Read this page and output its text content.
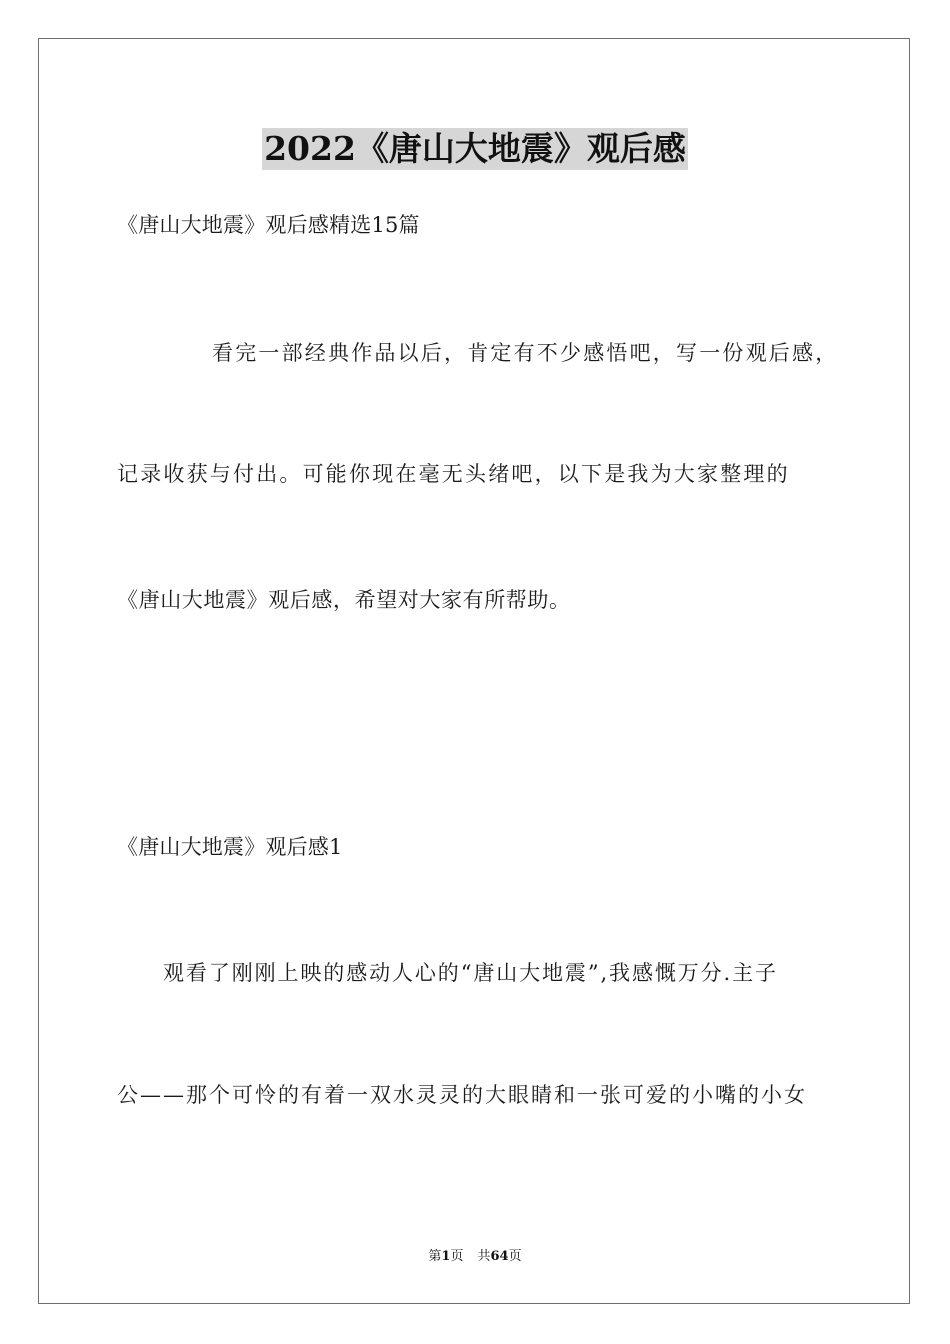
2022《唐山大地震》观后感
《唐山大地震》观后感精选15篇
看完一部经典作品以后，肯定有不少感悟吧，写一份观后感，
记录收获与付出。可能你现在毫无头绪吧，以下是我为大家整理的
《唐山大地震》观后感，希望对大家有所帮助。
《唐山大地震》观后感1
观看了刚刚上映的感动人心的“唐山大地震”,我感慨万分.主子
公——那个可怜的有着一双水灵灵的大眼睛和一张可爱的小嘴的小女
第1页 共64页
